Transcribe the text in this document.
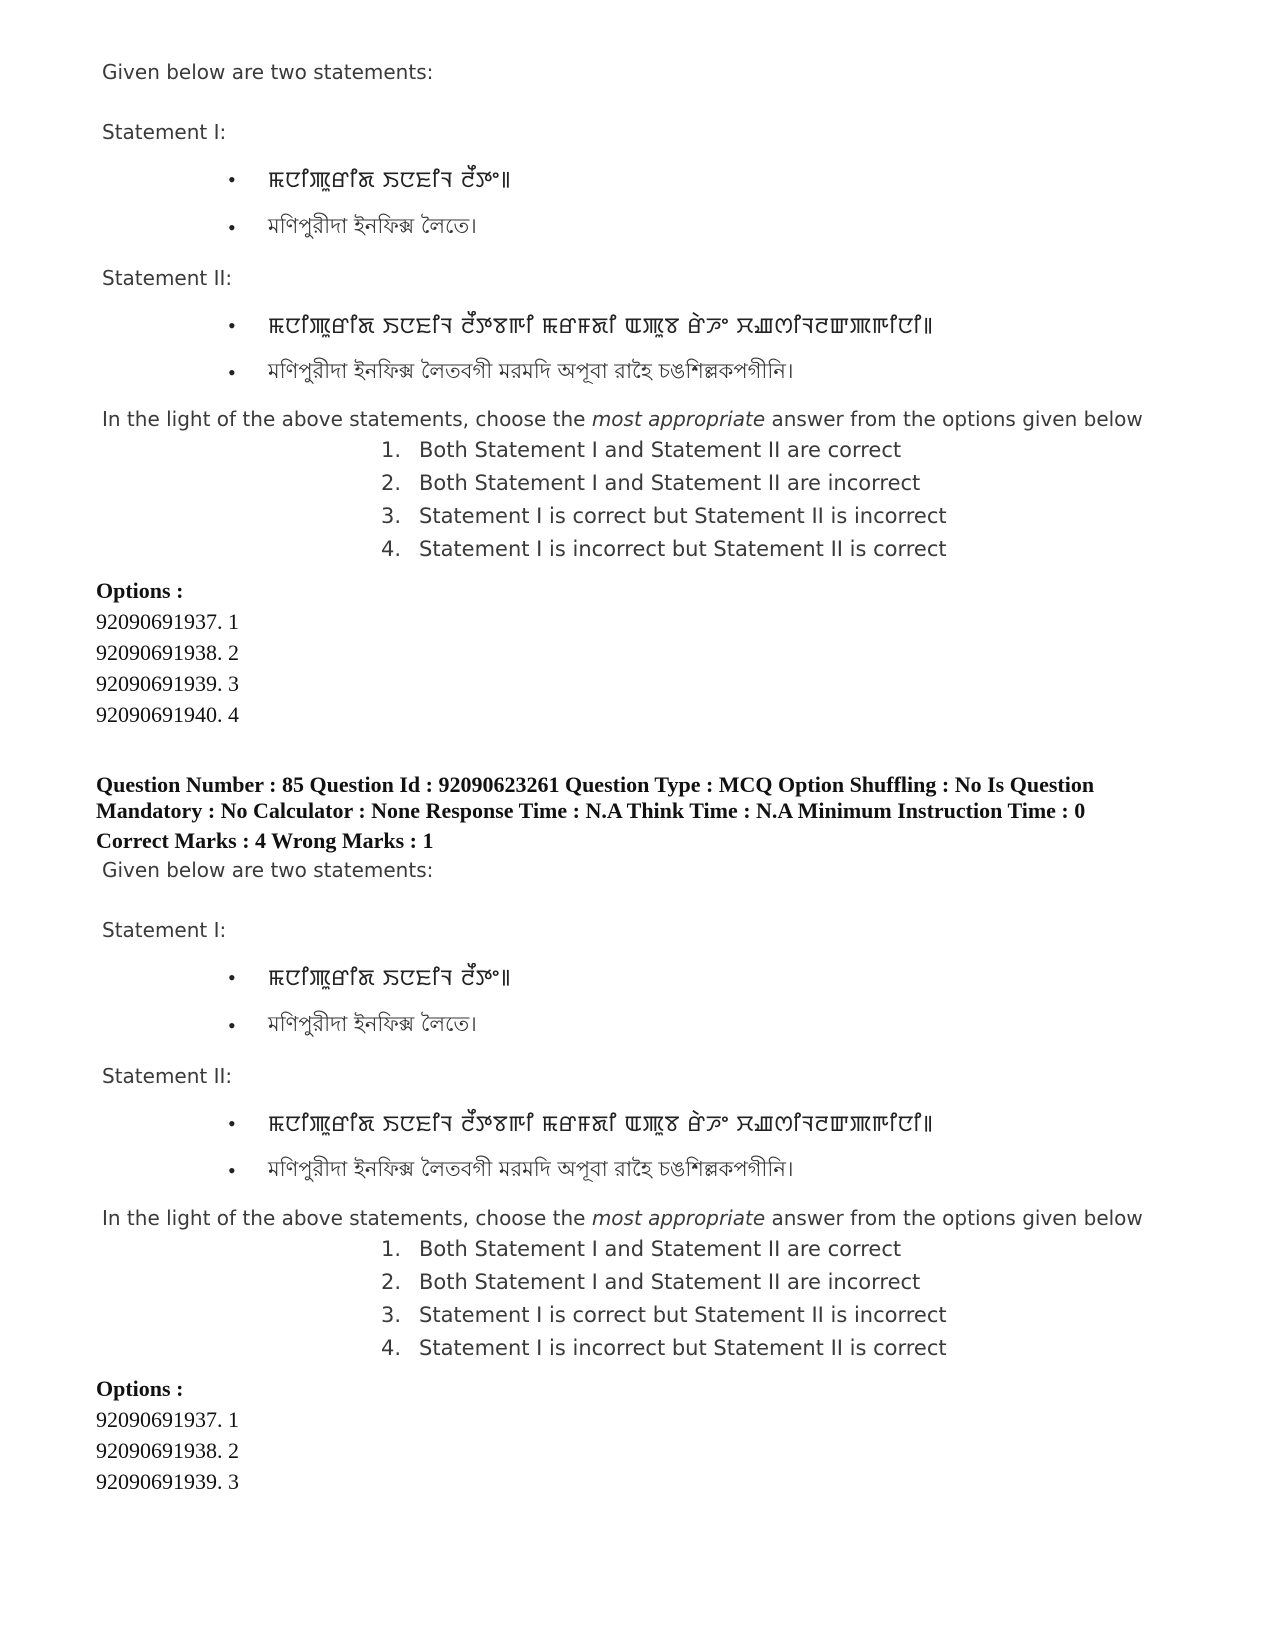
Given below are two statements:
Statement I:
•	ꯃꯅꯤꯄꯨꯔꯤꯗ ꯏꯅꯐꯤꯜ ꯂꯩꯇꯦ꯫
•	মণিপুরীদা ইনফিক্স লৈতে।
Statement II:
•	ꯃꯅꯤꯄꯨꯔꯤꯗ ꯏꯅꯐꯤꯜ ꯂꯩꯇꯕꯒꯤ ꯃꯔꯝꯗꯤ ꯑꯄꯨꯕ ꯔꯥꯍꯦ ꯆꯉꯁꯤꯜꯂꯛꯄꯒꯤꯅꯤ꯫
•	মণিপুরীদা ইনফিক্স লৈতবগী মরমদি অপূবা রাহৈ চঙশিল্লকপগীনি।
In the light of the above statements, choose the most appropriate answer from the options given below
1. Both Statement I and Statement II are correct
2. Both Statement I and Statement II are incorrect
3. Statement I is correct but Statement II is incorrect
4. Statement I is incorrect but Statement II is correct
Options :
92090691937. 1
92090691938. 2
92090691939. 3
92090691940. 4
Question Number : 85 Question Id : 92090623261 Question Type : MCQ Option Shuffling : No Is Question
Mandatory : No Calculator : None Response Time : N.A Think Time : N.A Minimum Instruction Time : 0
Correct Marks : 4 Wrong Marks : 1
Given below are two statements:
Statement I:
•	ꯃꯅꯤꯄꯨꯔꯤꯗ ꯏꯅꯐꯤꯜ ꯂꯩꯇꯦ꯫
•	মণিপুরীদা ইনফিক্স লৈতে।
Statement II:
•	ꯃꯅꯤꯄꯨꯔꯤꯗ ꯏꯅꯐꯤꯜ ꯂꯩꯇꯕꯒꯤ ꯃꯔꯝꯗꯤ ꯑꯄꯨꯕ ꯔꯥꯍꯦ ꯆꯉꯁꯤꯜꯂꯛꯄꯒꯤꯅꯤ꯫
•	মণিপুরীদা ইনফিক্স লৈতবগী মরমদি অপূবা রাহৈ চঙশিল্লকপগীনি।
In the light of the above statements, choose the most appropriate answer from the options given below
1. Both Statement I and Statement II are correct
2. Both Statement I and Statement II are incorrect
3. Statement I is correct but Statement II is incorrect
4. Statement I is incorrect but Statement II is correct
Options :
92090691937. 1
92090691938. 2
92090691939. 3
